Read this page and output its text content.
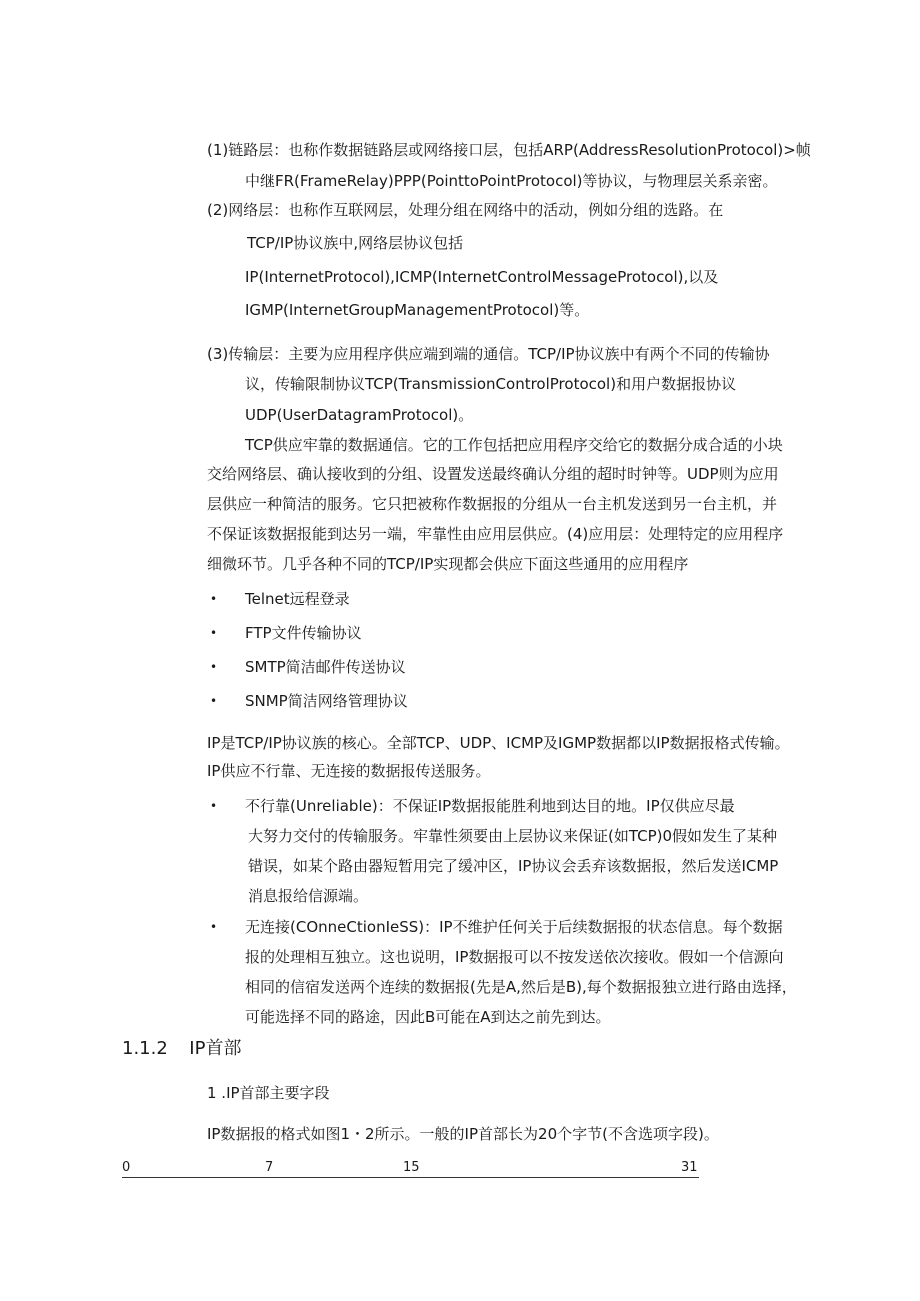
(1)链路层：也称作数据链路层或网络接口层，包括ARP(AddressResolutionProtocol)>帧
中继FR(FrameRelay)PPP(PointtoPointProtocol)等协议，与物理层关系亲密。
(2)网络层：也称作互联网层，处理分组在网络中的活动，例如分组的选路。在
TCP/IP协议族中,网络层协议包括
IP(InternetProtocol),ICMP(InternetControlMessageProtocol),以及
IGMP(InternetGroupManagementProtocol)等。
(3)传输层：主要为应用程序供应端到端的通信。TCP/IP协议族中有两个不同的传输协
议，传输限制协议TCP(TransmissionControlProtocol)和用户数据报协议
UDP(UserDatagramProtocol)。
TCP供应牢靠的数据通信。它的工作包括把应用程序交给它的数据分成合适的小块
交给网络层、确认接收到的分组、设置发送最终确认分组的超时时钟等。UDP则为应用
层供应一种简洁的服务。它只把被称作数据报的分组从一台主机发送到另一台主机，并
不保证该数据报能到达另一端，牢靠性由应用层供应。(4)应用层：处理特定的应用程序
细微环节。几乎各种不同的TCP/IP实现都会供应下面这些通用的应用程序
• Telnet远程登录
• FTP文件传输协议
• SMTP简洁邮件传送协议
• SNMP简洁网络管理协议
IP是TCP/IP协议族的核心。全部TCP、UDP、ICMP及IGMP数据都以IP数据报格式传输。
IP供应不行靠、无连接的数据报传送服务。
• 不行靠(Unreliable)：不保证IP数据报能胜利地到达目的地。IP仅供应尽最
大努力交付的传输服务。牢靠性须要由上层协议来保证(如TCP)0假如发生了某种
错误，如某个路由器短暂用完了缓冲区，IP协议会丢弃该数据报，然后发送ICMP
消息报给信源端。
• 无连接(COnneCtionIeSS)：IP不维护任何关于后续数据报的状态信息。每个数据
报的处理相互独立。这也说明，IP数据报可以不按发送依次接收。假如一个信源向
相同的信宿发送两个连续的数据报(先是A,然后是B),每个数据报独立进行路由选择，
可能选择不同的路途，因此B可能在A到达之前先到达。
1.1.2 IP首部
1 .IP首部主要字段
IP数据报的格式如图1・2所示。一般的IP首部长为20个字节(不含选项字段)。
0	7	15	31
